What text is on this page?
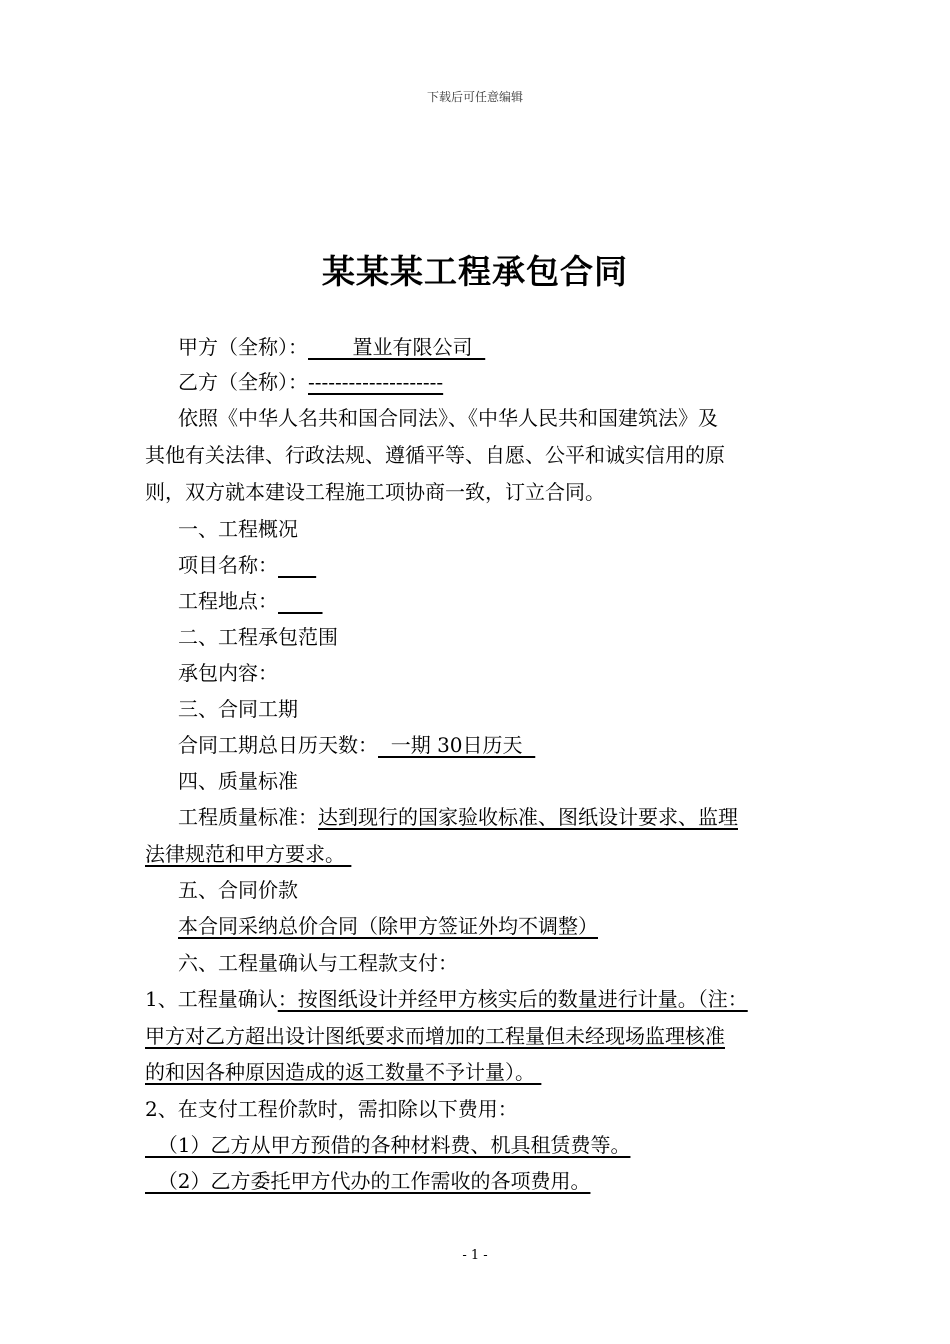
下载后可任意编辑
某某某工程承包合同
甲方（全称）：       置业有限公司
乙方（全称）：--------------------
依照《中华人名共和国合同法》、《中华人民共和国建筑法》及
其他有关法律、行政法规、遵循平等、自愿、公平和诚实信用的原
则，双方就本建设工程施工项协商一致，订立合同。
一、工程概况
项目名称：
工程地点：
二、工程承包范围
承包内容：
三、合同工期
合同工期总日历天数：  一期 30日历天
四、质量标准
工程质量标准：达到现行的国家验收标准、图纸设计要求、监理
法律规范和甲方要求。
五、合同价款
本合同采纳总价合同（除甲方签证外均不调整）
六、工程量确认与工程款支付：
1、工程量确认：按图纸设计并经甲方核实后的数量进行计量。（注：
甲方对乙方超出设计图纸要求而增加的工程量但未经现场监理核准
的和因各种原因造成的返工数量不予计量）。
2、在支付工程价款时，需扣除以下费用：
（1）乙方从甲方预借的各种材料费、机具租赁费等。
（2）乙方委托甲方代办的工作需收的各项费用。
- 1 -
